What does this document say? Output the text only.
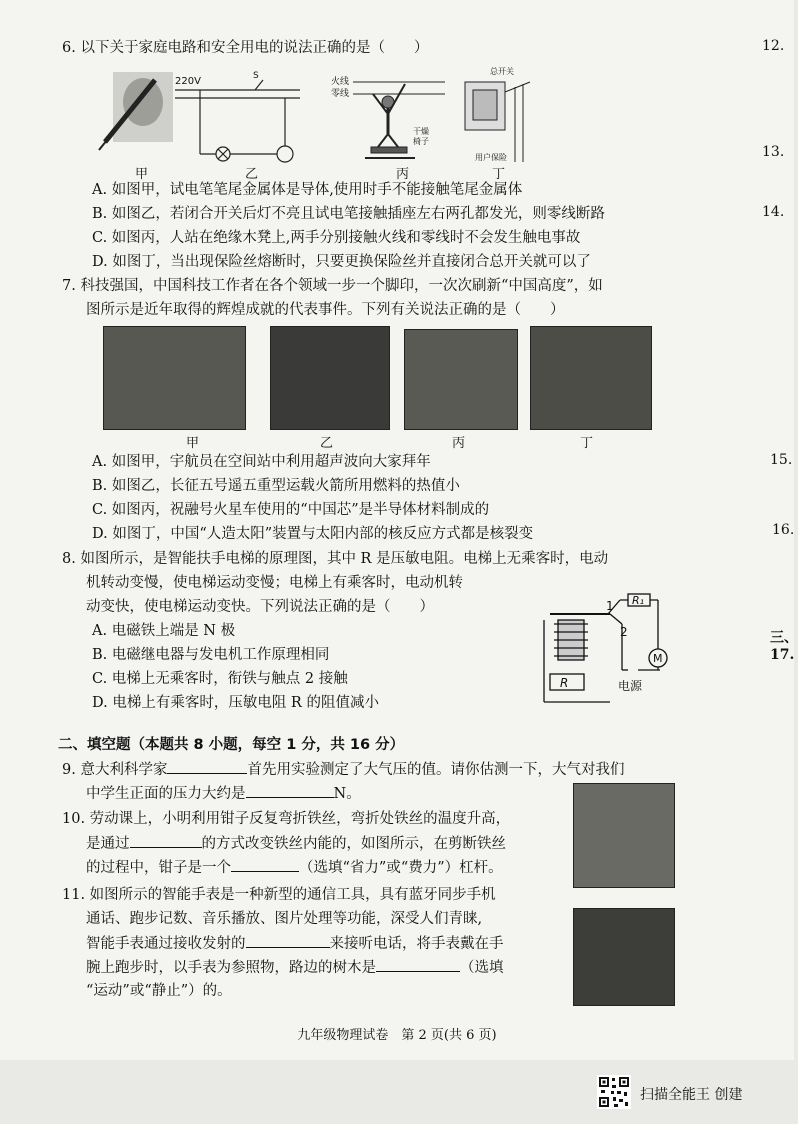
6. 以下关于家庭电路和安全用电的说法正确的是（　　）
220V	S
火线
零线
干燥
椅子
总开关
用户保险
甲	乙	丙	丁
A. 如图甲，试电笔笔尾金属体是导体,使用时手不能接触笔尾金属体
B. 如图乙，若闭合开关后灯不亮且试电笔接触插座左右两孔都发光，则零线断路
C. 如图丙，人站在绝缘木凳上,两手分别接触火线和零线时不会发生触电事故
D. 如图丁，当出现保险丝熔断时，只要更换保险丝并直接闭合总开关就可以了
7. 科技强国，中国科技工作者在各个领域一步一个脚印，一次次刷新“中国高度”，如
图所示是近年取得的辉煌成就的代表事件。下列有关说法正确的是（　　）
甲	乙	丙	丁
A. 如图甲，宇航员在空间站中利用超声波向大家拜年
B. 如图乙，长征五号遥五重型运载火箭所用燃料的热值小
C. 如图丙，祝融号火星车使用的“中国芯”是半导体材料制成的
D. 如图丁，中国“人造太阳”装置与太阳内部的核反应方式都是核裂变
8. 如图所示，是智能扶手电梯的原理图，其中 R 是压敏电阻。电梯上无乘客时，电动
机转动变慢，使电梯运动变慢；电梯上有乘客时，电动机转
动变快，使电梯运动变快。下列说法正确的是（　　）	1 R₁
2
M
R	电源
A. 电磁铁上端是 N 极
B. 电磁继电器与发电机工作原理相同
C. 电梯上无乘客时，衔铁与触点 2 接触
D. 电梯上有乘客时，压敏电阻 R 的阻值减小
二、填空题（本题共 8 小题，每空 1 分，共 16 分）
9. 意大利科学家	首先用实验测定了大气压的值。请你估测一下，大气对我们
中学生正面的压力大约是	N。
10. 劳动课上，小明利用钳子反复弯折铁丝，弯折处铁丝的温度升高，
是通过	的方式改变铁丝内能的，如图所示，在剪断铁丝
的过程中，钳子是一个	（选填“省力”或“费力”）杠杆。
11. 如图所示的智能手表是一种新型的通信工具，具有蓝牙同步手机
通话、跑步记数、音乐播放、图片处理等功能，深受人们青睐,
智能手表通过接收发射的	来接听电话，将手表戴在手
腕上跑步时，以手表为参照物，路边的树木是	（选填
“运动”或“静止”）的。
12.
13.
14.
15.
16.
三、
17.
九年级物理试卷　第 2 页(共 6 页)
扫描全能王 创建
